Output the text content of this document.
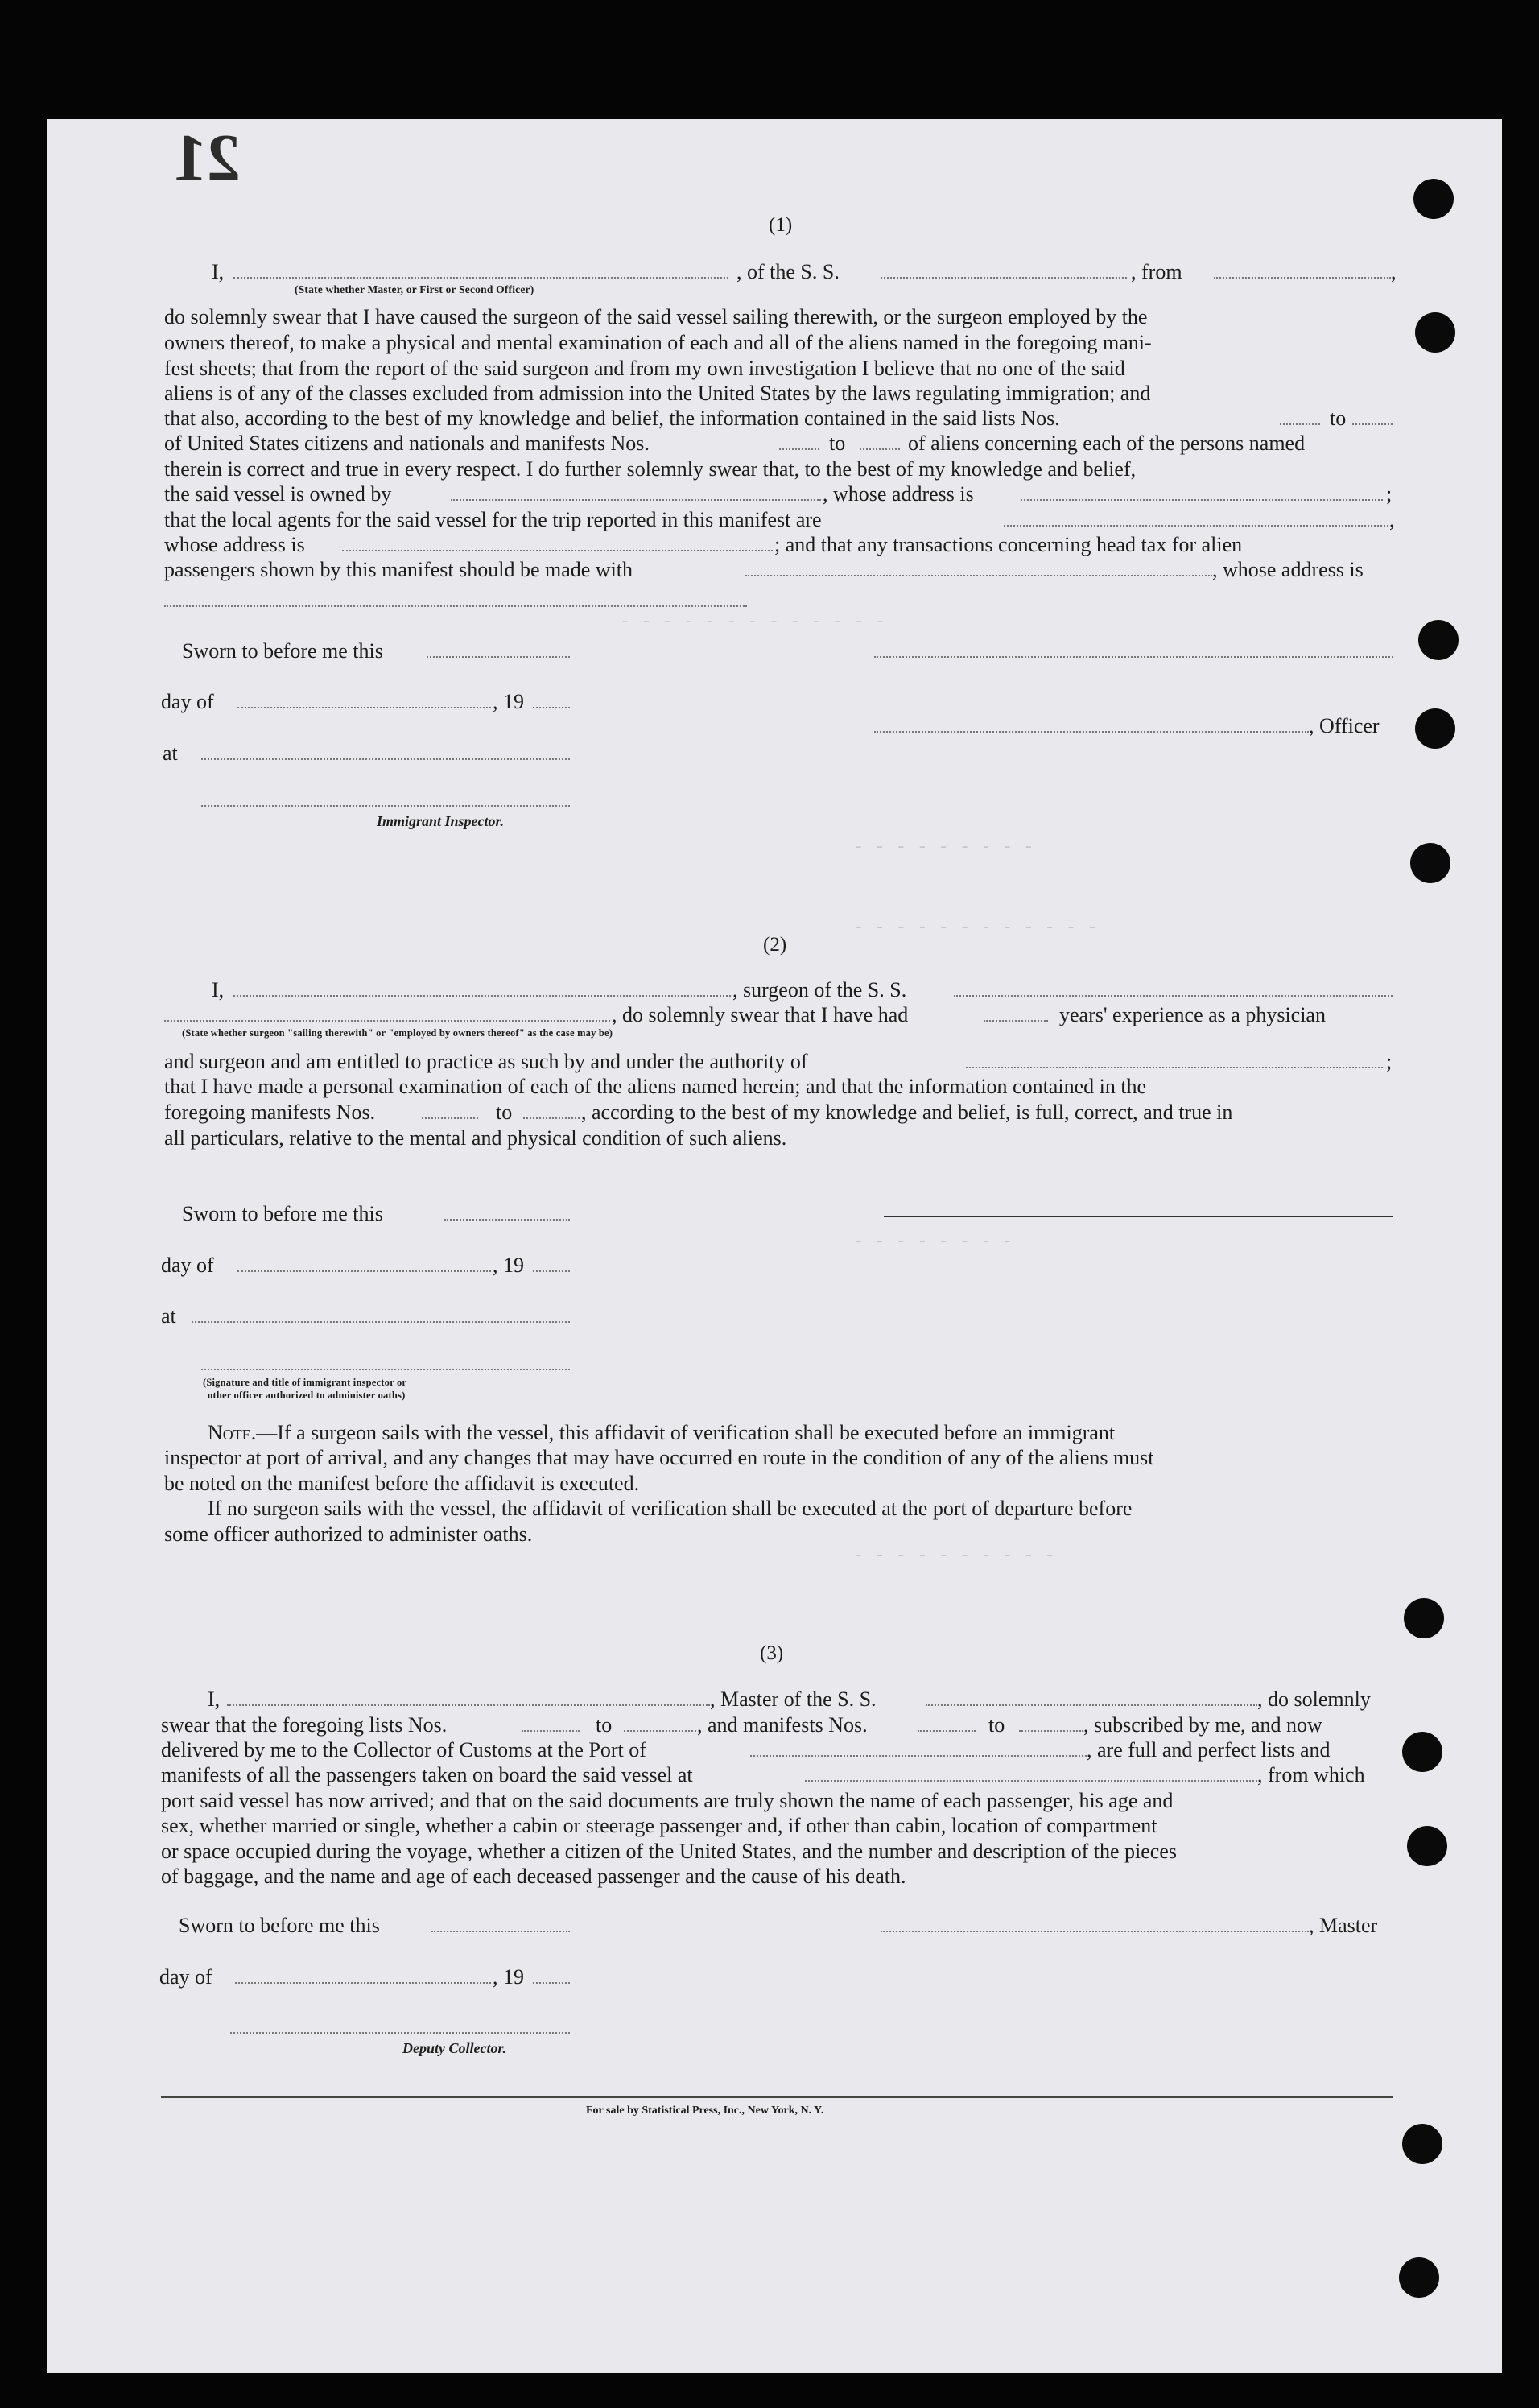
21
- - - - - - - - - - - - -
- - - - - - - - -
- - - - - - - - - - - -
- - - - - - - -
- - - - - - - - - -
(1)
I,	, of the S. S.	, from	,
(State whether Master, or First or Second Officer)
do solemnly swear that I have caused the surgeon of the said vessel sailing therewith, or the surgeon employed by the
owners thereof, to make a physical and mental examination of each and all of the aliens named in the foregoing mani-
fest sheets; that from the report of the said surgeon and from my own investigation I believe that no one of the said
aliens is of any of the classes excluded from admission into the United States by the laws regulating immigration; and
that also, according to the best of my knowledge and belief, the information contained in the said lists Nos.	to
of United States citizens and nationals and manifests Nos.	to	of aliens concerning each of the persons named
therein is correct and true in every respect. I do further solemnly swear that, to the best of my knowledge and belief,
the said vessel is owned by	, whose address is	;
that the local agents for the said vessel for the trip reported in this manifest are	,
whose address is	; and that any transactions concerning head tax for alien
passengers shown by this manifest should be made with	, whose address is
Sworn to before me this
day of	, 19
, Officer
at
Immigrant Inspector.
(2)
I,	, surgeon of the S. S.
, do solemnly swear that I have had	years' experience as a physician
(State whether surgeon "sailing therewith" or "employed by owners thereof" as the case may be)
and surgeon and am entitled to practice as such by and under the authority of	;
that I have made a personal examination of each of the aliens named herein; and that the information contained in the
foregoing manifests Nos.	to	, according to the best of my knowledge and belief, is full, correct, and true in
all particulars, relative to the mental and physical condition of such aliens.
Sworn to before me this
day of	, 19
at
(Signature and title of immigrant inspector or
other officer authorized to administer oaths)
Note.—If a surgeon sails with the vessel, this affidavit of verification shall be executed before an immigrant
inspector at port of arrival, and any changes that may have occurred en route in the condition of any of the aliens must
be noted on the manifest before the affidavit is executed.
If no surgeon sails with the vessel, the affidavit of verification shall be executed at the port of departure before
some officer authorized to administer oaths.
(3)
I,	, Master of the S. S.	, do solemnly
swear that the foregoing lists Nos.	to	, and manifests Nos.	to	, subscribed by me, and now
delivered by me to the Collector of Customs at the Port of	, are full and perfect lists and
manifests of all the passengers taken on board the said vessel at	, from which
port said vessel has now arrived; and that on the said documents are truly shown the name of each passenger, his age and
sex, whether married or single, whether a cabin or steerage passenger and, if other than cabin, location of compartment
or space occupied during the voyage, whether a citizen of the United States, and the number and description of the pieces
of baggage, and the name and age of each deceased passenger and the cause of his death.
Sworn to before me this	, Master
day of	, 19
Deputy Collector.
For sale by Statistical Press, Inc., New York, N. Y.
